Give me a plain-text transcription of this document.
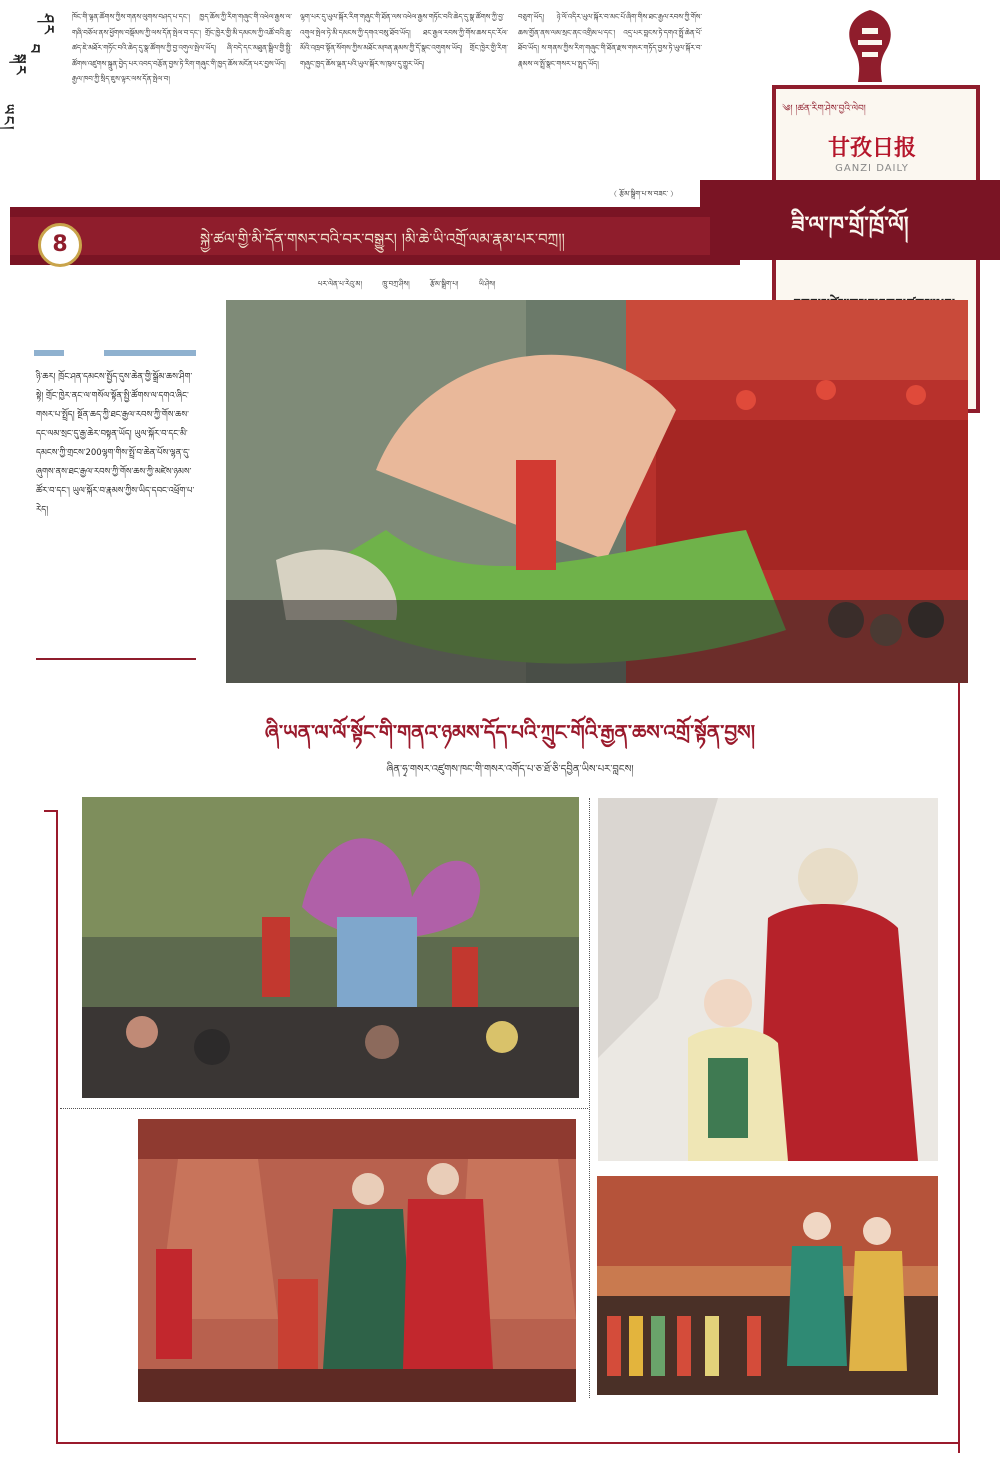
ཤར
བ
སྐར
ཡང།
ཁོང་གི་ལྷན་ཚོགས་ཀྱིས་གནས་ལུགས་བཤད་པ་དང་། ཁྱད་ཆོས་ཀྱི་རིག་གཞུང་གི་འཕེལ་རྒྱས་ལ་གཞི་བཅོལ་ནས་ཕྱོགས་བསྡོམས་ཀྱི་ལས་དོན་སྤེལ་བ་དང་། གྲོང་ཁྱེར་གྱི་མི་དམངས་ཀྱི་འཚོ་བའི་ཆུ་ཚད་ཇེ་མཐོར་གཏོང་བའི་ཆེད་དུ་སྣ་ཚོགས་ཀྱི་བྱ་འགུལ་སྤེལ་ཡོད། ཞི་བདེ་དང་མཐུན་སྒྲིལ་གྱི་སྤྱི་ཚོགས་འཛུགས་སྐྲུན་བྱེད་པར་འབད་བརྩོན་བྱས་ཏེ་རིག་གཞུང་གི་ཁྱད་ཆོས་མངོན་པར་བྱས་ཡོད། རྒྱལ་ཁབ་ཀྱི་སྲིད་ཇུས་ལྟར་ལས་དོན་སྤེལ་བ།
ལྷག་པར་དུ་ཡུལ་སྐོར་རིག་གཞུང་གི་ཐོན་ལས་འཕེལ་རྒྱས་གཏོང་བའི་ཆེད་དུ་སྣ་ཚོགས་ཀྱི་བྱ་འགུལ་སྤེལ་ཏེ་མི་དམངས་ཀྱི་དགའ་བསུ་ཐོབ་ཡོད། ཐང་རྒྱལ་རབས་ཀྱི་གོས་ཆས་དང་རོལ་མོའི་འཁྲབ་སྟོན་སོགས་ཀྱིས་མཐོང་མཁན་རྣམས་ཀྱི་དོ་སྣང་འགུགས་ཡོད། གྲོང་ཁྱེར་གྱི་རིག་གཞུང་ཁྱད་ཆོས་ལྡན་པའི་ཡུལ་སྐོར་ས་ཁུལ་དུ་གྱུར་ཡོད།
བཅུག་ཡོད། ཉེ་ལོ་འདིར་ཡུལ་སྐོར་བ་མང་པོ་ཞིག་གིས་ཐང་རྒྱལ་རབས་ཀྱི་གོས་ཆས་གྱོན་ནས་ལམ་སྲང་ནང་འགྲིམ་པ་དང་། འདྲ་པར་བླངས་ཏེ་དགའ་སྤྲོ་ཆེན་པོ་ཐོབ་ཡོད། ས་གནས་ཀྱིས་རིག་གཞུང་གི་ཐོན་རྫས་གསར་གཏོད་བྱས་ཏེ་ཡུལ་སྐོར་བ་རྣམས་ལ་སྤྲོ་སྣང་གསར་པ་སྤྲད་ཡོད།
（ རྩོམ་སྒྲིག་པ་ས་བཟང་ ）
༄། །ཚན་རིག་ཤེས་བྱའི་ལེབ།
甘孜日报
GANZI DAILY
ཟི་ལ་ཁ་གྲོ་ཁྲོ་ལོ།
8	སྐྱེ་ཚལ་གྱི་མི་དོན་གསར་བའི་བར་བསྒྱུར། །མི་ཆེ་ཡི་འགྲོ་ལམ་རྣམ་པར་བཀྲ།།
པར་ལེན་པ་རེའུ་མ།	ཁྲུ་བཀྲ་ཤིས།	རྩོམ་སྒྲིག་པ།	ཡི་ཤེས།
ཉི་ཆར། ཁྲོང་ཤན་དམངས་སྤྱོད་དུས་ཆེན་གྱི་སྒྲོམ་ཆས་ཤིག་སྟེ། གྲོང་ཁྱེར་ནང་ལ་གསོལ་སྟོན་སྤྱི་ཚོགས་ལ་དགའ་ཞིང་གསར་པ་སྤྲོད། སྔོན་ཆད་ཀྱི་ཐང་རྒྱལ་རབས་ཀྱི་གོས་ཆས་དང་ལམ་སྲང་དུ་རྒྱ་ཆེར་བསྟན་ཡོད། ཡུལ་སྐོར་བ་དང་མི་དམངས་ཀྱི་གྲངས་200ལྷག་གིས་སྤྲོ་བ་ཆེན་པོས་ལྷན་དུ་ཞུགས་ནས་ཐང་རྒྱལ་རབས་ཀྱི་གོས་ཆས་ཀྱི་མཛེས་ཉམས་ཚོར་བ་དང་། ཡུལ་སྐོར་བ་རྣམས་ཀྱིས་ཡིད་དབང་འཕྲོག་པ་རེད།
ཞི་ཡན་ལ་ལོ་སྟོང་གི་གནའ་ཉམས་དོད་པའི་ཀྲུང་གོའི་རྒྱན་ཆས་འགྲོ་སྟོན་བྱས།
ཞིན་ཧྭ་གསར་འཛུགས་ཁང་གི་གསར་འགོད་པ་ཅ་ཐོ་ཅི་དབྱིན་ཡིས་པར་བླངས།
